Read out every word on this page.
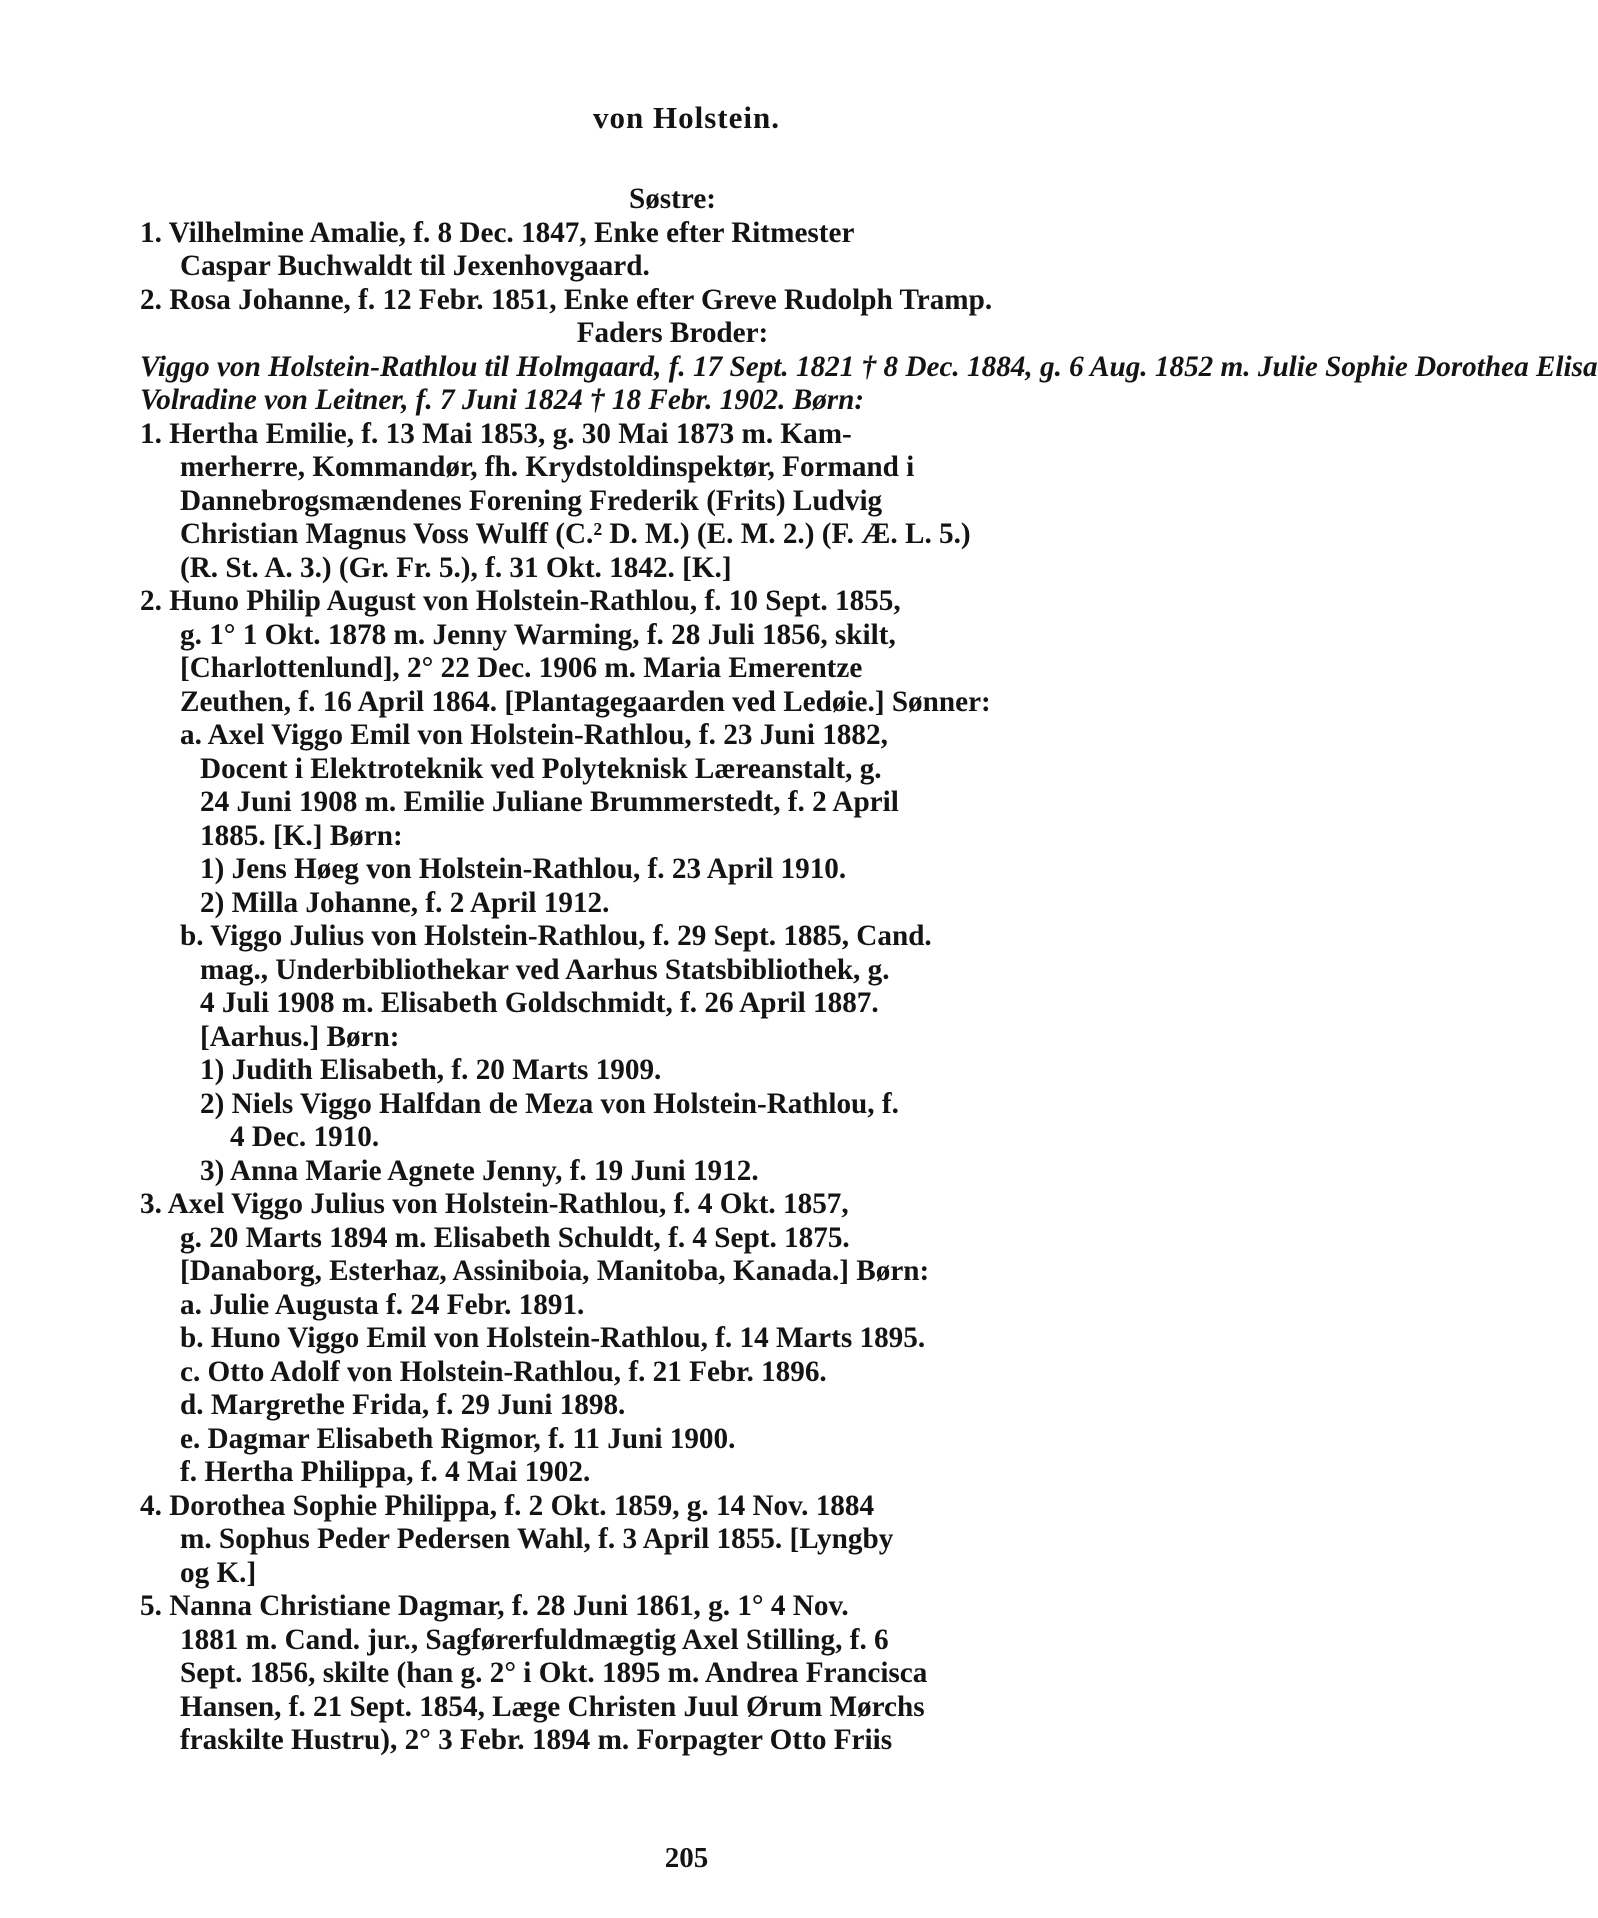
von Holstein.
Søstre:
1. Vilhelmine Amalie, f. 8 Dec. 1847, Enke efter Ritmester
Caspar Buchwaldt til Jexenhovgaard.
2. Rosa Johanne, f. 12 Febr. 1851, Enke efter Greve Rudolph Tramp.
Faders Broder:
Viggo von Holstein-Rathlou til Holmgaard, f. 17 Sept. 1821 † 8 Dec. 1884, g. 6 Aug. 1852 m. Julie Sophie Dorothea Elisa
Volradine von Leitner, f. 7 Juni 1824 † 18 Febr. 1902. Børn:
1. Hertha Emilie, f. 13 Mai 1853, g. 30 Mai 1873 m. Kam-
merherre, Kommandør, fh. Krydstoldinspektør, Formand i
Dannebrogsmændenes Forening Frederik (Frits) Ludvig
Christian Magnus Voss Wulff (C.² D. M.) (E. M. 2.) (F. Æ. L. 5.)
(R. St. A. 3.) (Gr. Fr. 5.), f. 31 Okt. 1842. [K.]
2. Huno Philip August von Holstein-Rathlou, f. 10 Sept. 1855,
g. 1° 1 Okt. 1878 m. Jenny Warming, f. 28 Juli 1856, skilt,
[Charlottenlund], 2° 22 Dec. 1906 m. Maria Emerentze
Zeuthen, f. 16 April 1864. [Plantagegaarden ved Ledøie.] Sønner:
a. Axel Viggo Emil von Holstein-Rathlou, f. 23 Juni 1882,
Docent i Elektroteknik ved Polyteknisk Læreanstalt, g.
24 Juni 1908 m. Emilie Juliane Brummerstedt, f. 2 April
1885. [K.] Børn:
1) Jens Høeg von Holstein-Rathlou, f. 23 April 1910.
2) Milla Johanne, f. 2 April 1912.
b. Viggo Julius von Holstein-Rathlou, f. 29 Sept. 1885, Cand.
mag., Underbibliothekar ved Aarhus Statsbibliothek, g.
4 Juli 1908 m. Elisabeth Goldschmidt, f. 26 April 1887.
[Aarhus.] Børn:
1) Judith Elisabeth, f. 20 Marts 1909.
2) Niels Viggo Halfdan de Meza von Holstein-Rathlou, f.
4 Dec. 1910.
3) Anna Marie Agnete Jenny, f. 19 Juni 1912.
3. Axel Viggo Julius von Holstein-Rathlou, f. 4 Okt. 1857,
g. 20 Marts 1894 m. Elisabeth Schuldt, f. 4 Sept. 1875.
[Danaborg, Esterhaz, Assiniboia, Manitoba, Kanada.] Børn:
a. Julie Augusta f. 24 Febr. 1891.
b. Huno Viggo Emil von Holstein-Rathlou, f. 14 Marts 1895.
c. Otto Adolf von Holstein-Rathlou, f. 21 Febr. 1896.
d. Margrethe Frida, f. 29 Juni 1898.
e. Dagmar Elisabeth Rigmor, f. 11 Juni 1900.
f. Hertha Philippa, f. 4 Mai 1902.
4. Dorothea Sophie Philippa, f. 2 Okt. 1859, g. 14 Nov. 1884
m. Sophus Peder Pedersen Wahl, f. 3 April 1855. [Lyngby
og K.]
5. Nanna Christiane Dagmar, f. 28 Juni 1861, g. 1° 4 Nov.
1881 m. Cand. jur., Sagførerfuldmægtig Axel Stilling, f. 6
Sept. 1856, skilte (han g. 2° i Okt. 1895 m. Andrea Francisca
Hansen, f. 21 Sept. 1854, Læge Christen Juul Ørum Mørchs
fraskilte Hustru), 2° 3 Febr. 1894 m. Forpagter Otto Friis
205
